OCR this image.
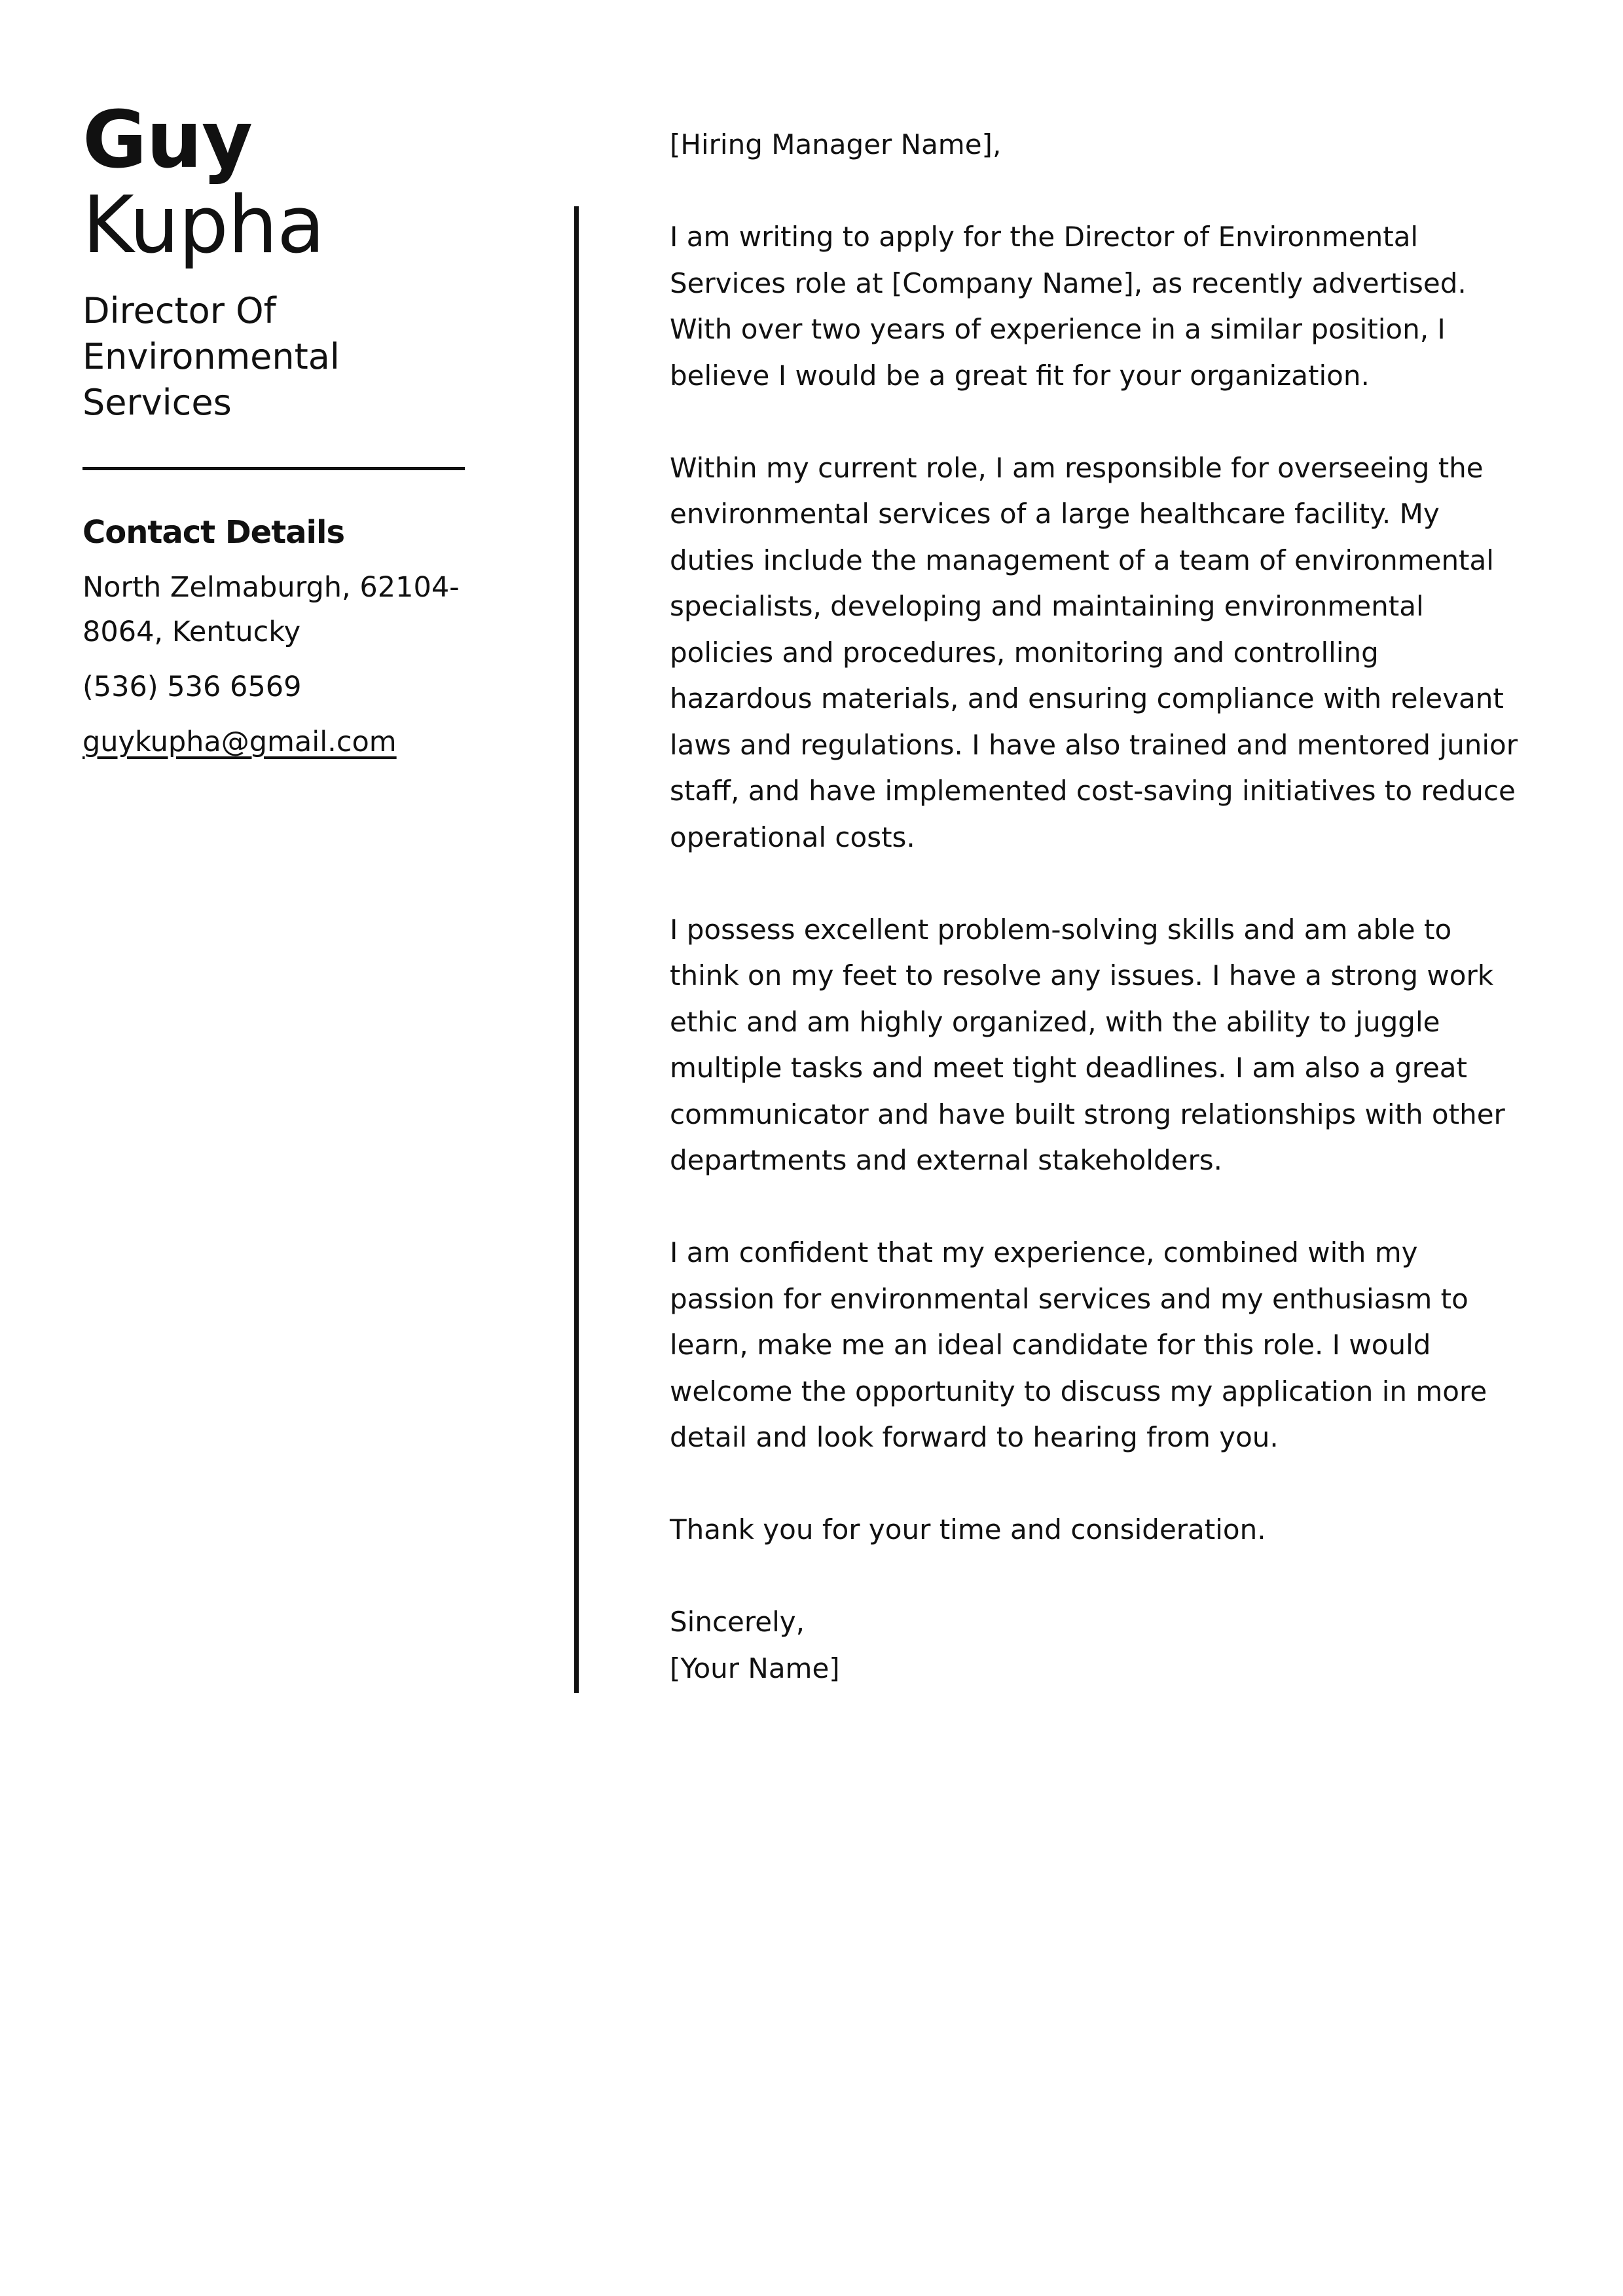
Guy
Kupha
Director Of Environmental Services
Contact Details
North Zelmaburgh, 62104-8064, Kentucky
(536) 536 6569
guykupha@gmail.com

[Hiring Manager Name],

I am writing to apply for the Director of Environmental Services role at [Company Name], as recently advertised. With over two years of experience in a similar position, I believe I would be a great fit for your organization.

Within my current role, I am responsible for overseeing the environmental services of a large healthcare facility. My duties include the management of a team of environmental specialists, developing and maintaining environmental policies and procedures, monitoring and controlling hazardous materials, and ensuring compliance with relevant laws and regulations. I have also trained and mentored junior staff, and have implemented cost-saving initiatives to reduce operational costs.

I possess excellent problem-solving skills and am able to think on my feet to resolve any issues. I have a strong work ethic and am highly organized, with the ability to juggle multiple tasks and meet tight deadlines. I am also a great communicator and have built strong relationships with other departments and external stakeholders.

I am confident that my experience, combined with my passion for environmental services and my enthusiasm to learn, make me an ideal candidate for this role. I would welcome the opportunity to discuss my application in more detail and look forward to hearing from you.

Thank you for your time and consideration.

Sincerely,

[Your Name]
